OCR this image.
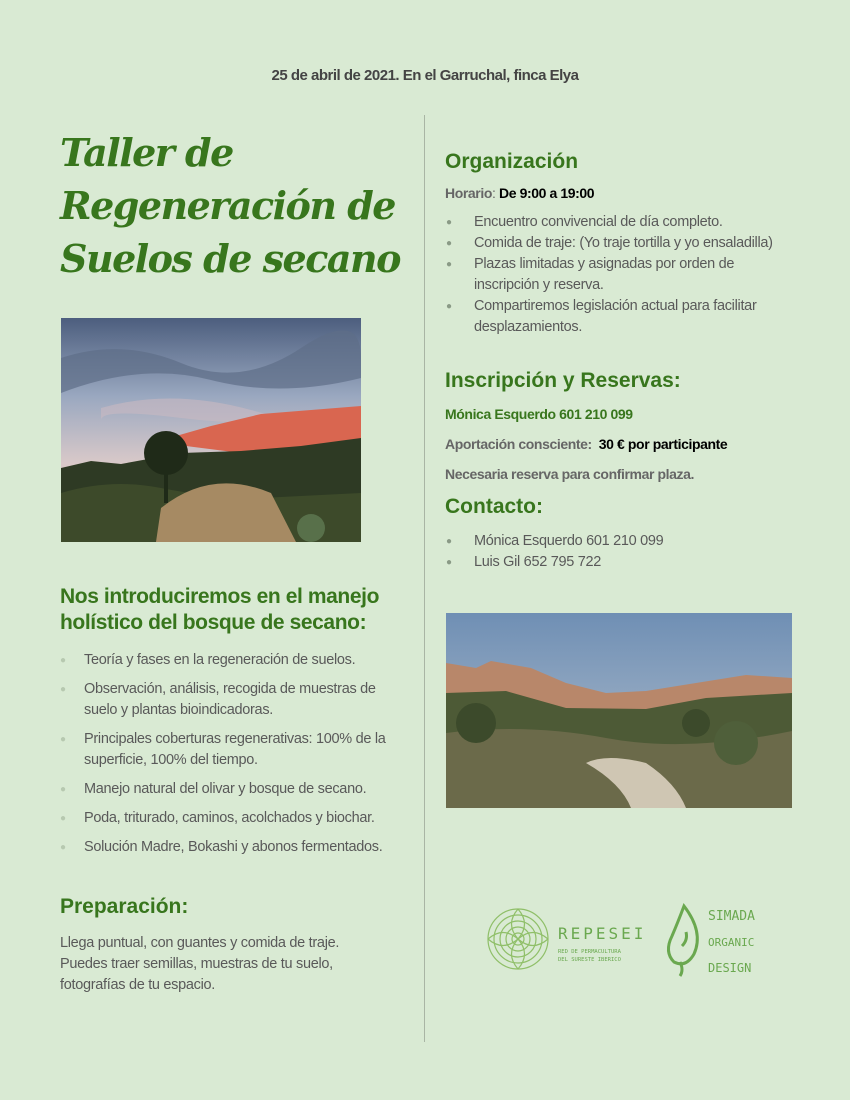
25 de abril de 2021. En el Garruchal, finca Elya
Taller de
Regeneración de
Suelos de secano
Nos introduciremos en el manejo holístico del bosque de secano:
● Teoría y fases en la regeneración de suelos.
● Observación, análisis, recogida de muestras de suelo y plantas bioindicadoras.
● Principales coberturas regenerativas: 100% de la superficie, 100% del tiempo.
● Manejo natural del olivar y bosque de secano.
● Poda, triturado, caminos, acolchados y biochar.
● Solución Madre, Bokashi y abonos fermentados.
Preparación:
Llega puntual, con guantes y comida de traje. Puedes traer semillas, muestras de tu suelo, fotografías de tu espacio.
Organización
Horario: De 9:00 a 19:00
● Encuentro convivencial de día completo.
● Comida de traje: (Yo traje tortilla y yo ensaladilla)
● Plazas limitadas y asignadas por orden de inscripción y reserva.
● Compartiremos legislación actual para facilitar desplazamientos.
Inscripción y Reservas:
Mónica Esquerdo 601 210 099
Aportación consciente: 30 € por participante
Necesaria reserva para confirmar plaza.
Contacto:
● Mónica Esquerdo 601 210 099
● Luis Gil 652 795 722
REPESEI
RED DE PERMACULTURA
DEL SURESTE IBERICO
SIMADA
ORGANIC
DESIGN
